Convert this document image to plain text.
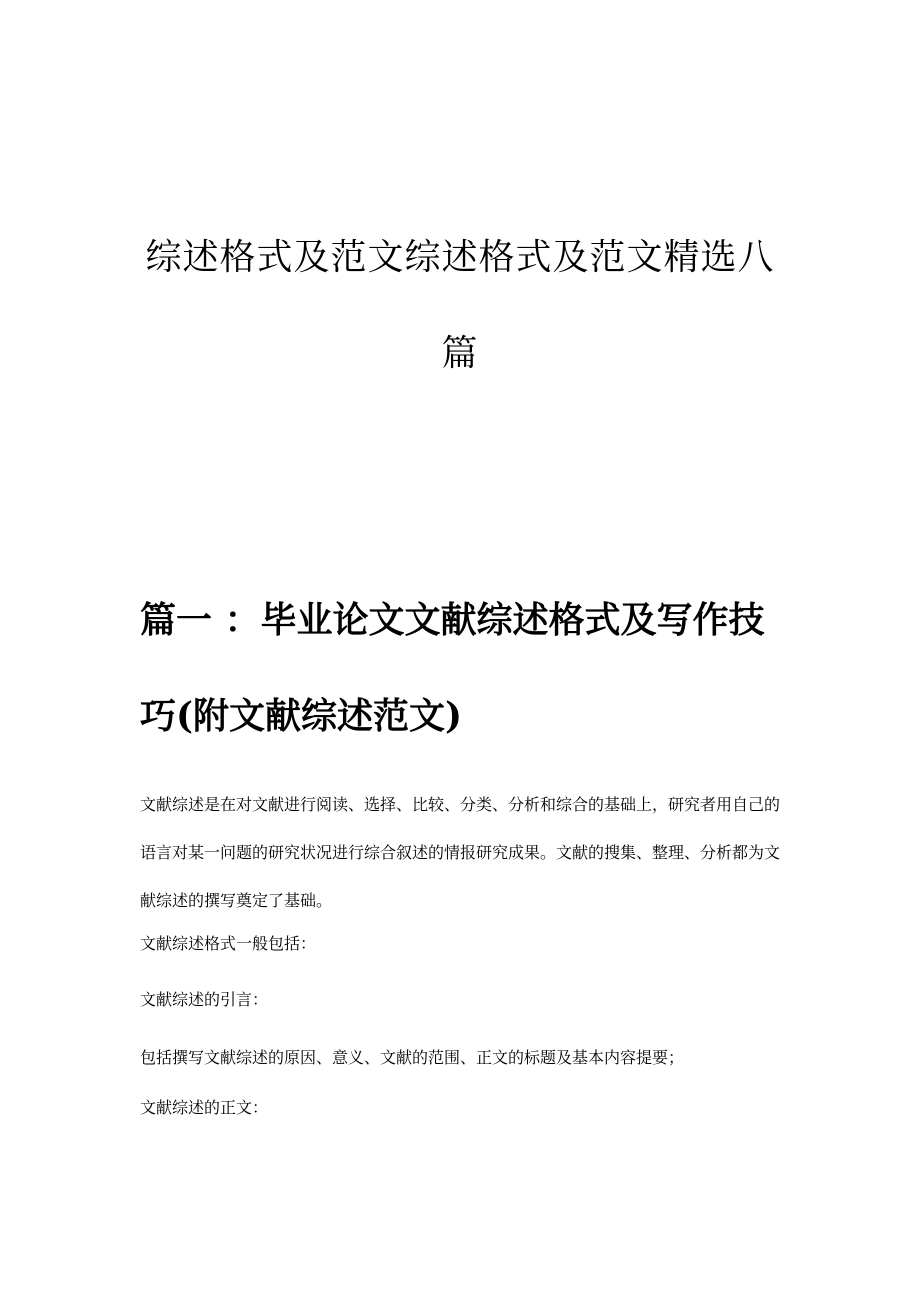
综述格式及范文综述格式及范文精选八篇
篇一 ：毕业论文文献综述格式及写作技巧(附文献综述范文)

文献综述是在对文献进行阅读、选择、比较、分类、分析和综合的基础上，研究者用自己的语言对某一问题的研究状况进行综合叙述的情报研究成果。文献的搜集、整理、分析都为文献综述的撰写奠定了基础。

文献综述格式一般包括：

文献综述的引言：

包括撰写文献综述的原因、意义、文献的范围、正文的标题及基本内容提要；

文献综述的正文：
